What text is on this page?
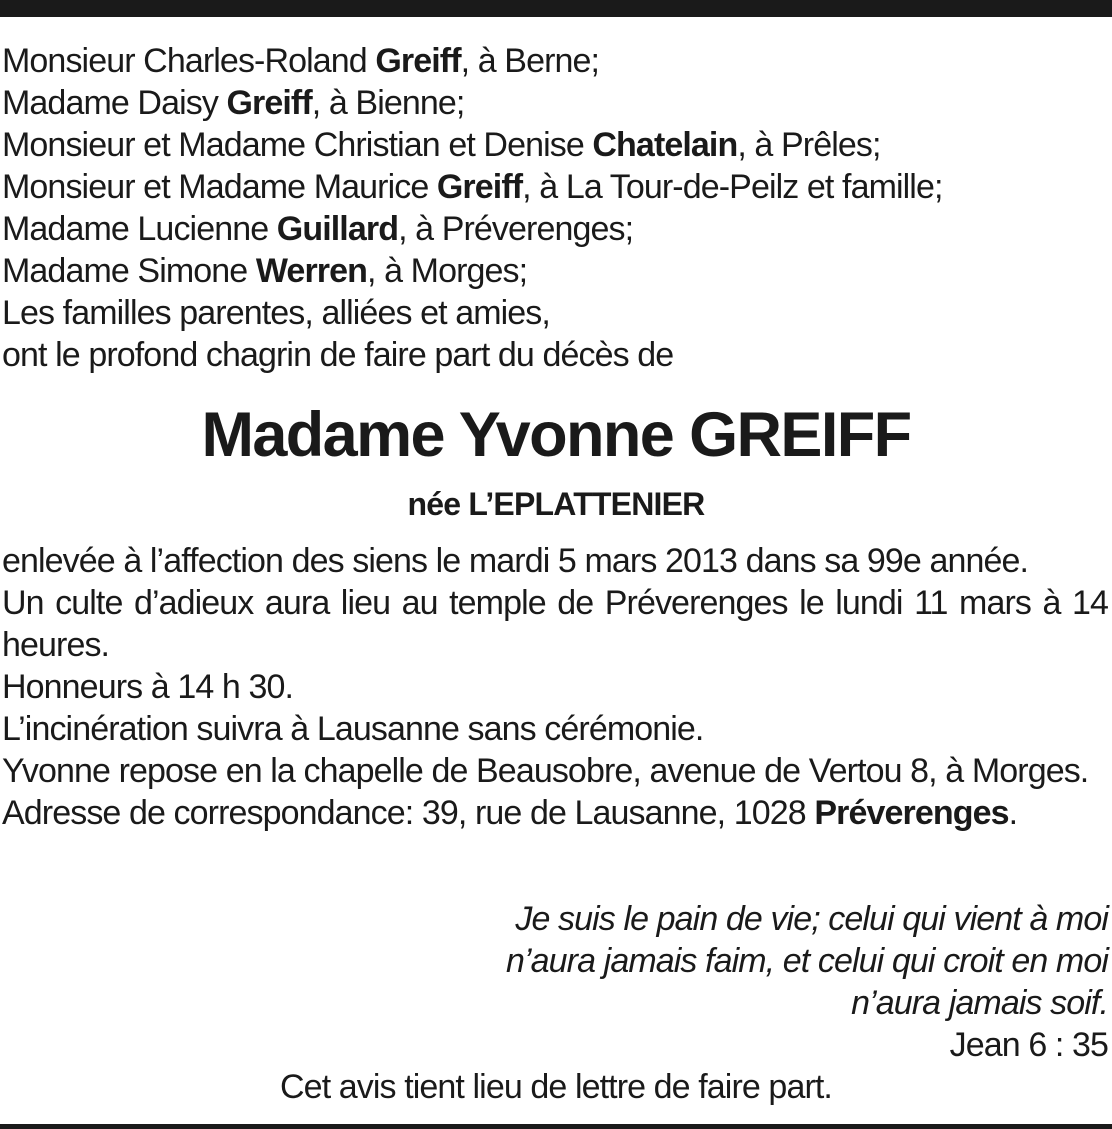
Monsieur Charles-Roland Greiff, à Berne;
Madame Daisy Greiff, à Bienne;
Monsieur et Madame Christian et Denise Chatelain, à Prêles;
Monsieur et Madame Maurice Greiff, à La Tour-de-Peilz et famille;
Madame Lucienne Guillard, à Préverenges;
Madame Simone Werren, à Morges;
Les familles parentes, alliées et amies,
ont le profond chagrin de faire part du décès de
Madame Yvonne GREIFF
née L’EPLATTENIER
enlevée à l’affection des siens le mardi 5 mars 2013 dans sa 99e année.
Un culte d’adieux aura lieu au temple de Préverenges le lundi 11 mars à 14 heures.
Honneurs à 14 h 30.
L’incinération suivra à Lausanne sans cérémonie.
Yvonne repose en la chapelle de Beausobre, avenue de Vertou 8, à Morges.
Adresse de correspondance: 39, rue de Lausanne, 1028 Préverenges.
Je suis le pain de vie; celui qui vient à moi
n’aura jamais faim, et celui qui croit en moi
n’aura jamais soif.
Jean 6 : 35
Cet avis tient lieu de lettre de faire part.
